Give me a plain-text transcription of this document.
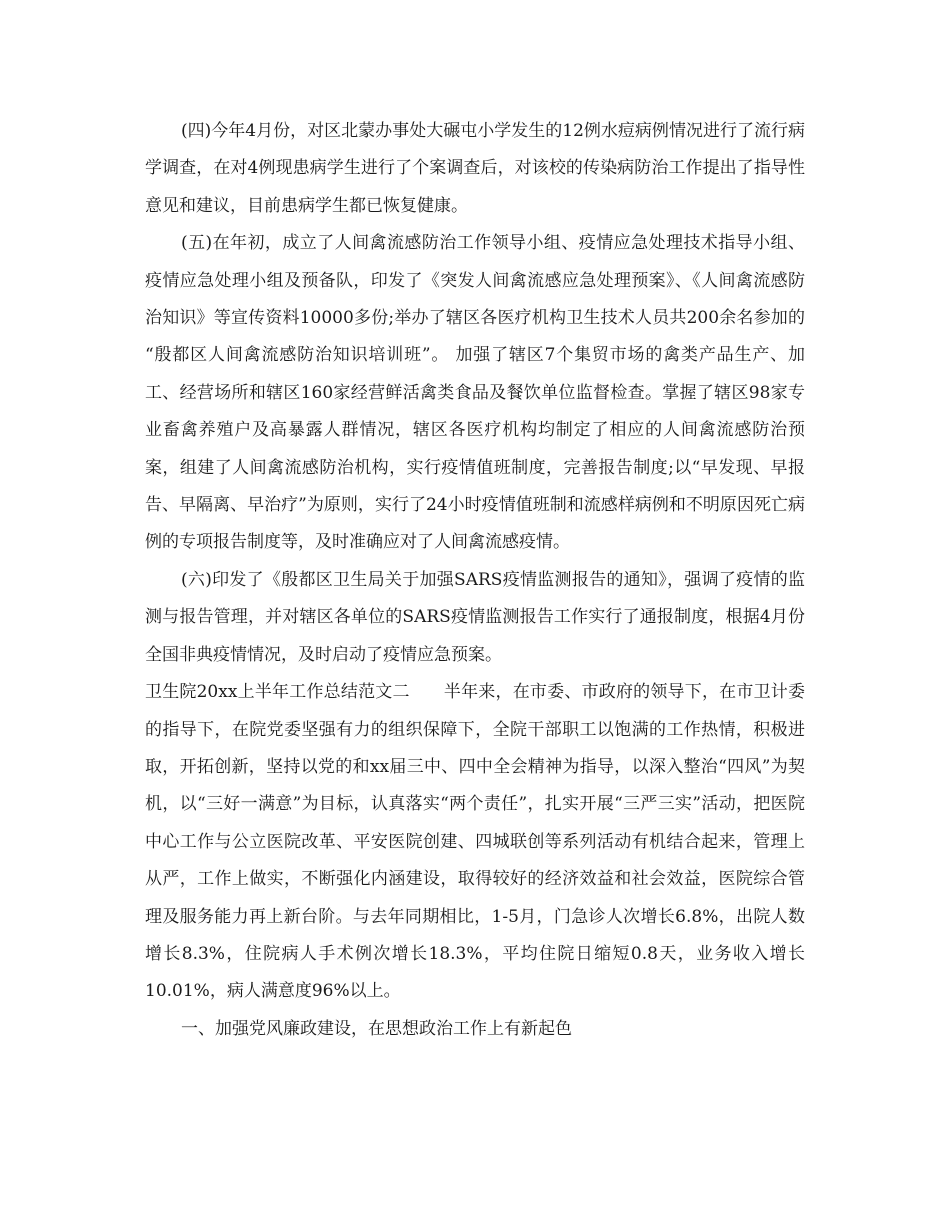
(四)今年4月份，对区北蒙办事处大碾屯小学发生的12例水痘病例情况进行了流行病学调查，在对4例现患病学生进行了个案调查后，对该校的传染病防治工作提出了指导性意见和建议，目前患病学生都已恢复健康。

(五)在年初，成立了人间禽流感防治工作领导小组、疫情应急处理技术指导小组、疫情应急处理小组及预备队，印发了《突发人间禽流感应急处理预案》、《人间禽流感防治知识》等宣传资料10000多份;举办了辖区各医疗机构卫生技术人员共200余名参加的 “殷都区人间禽流感防治知识培训班”。 加强了辖区7个集贸市场的禽类产品生产、加工、经营场所和辖区160家经营鲜活禽类食品及餐饮单位监督检查。掌握了辖区98家专业畜禽养殖户及高暴露人群情况，辖区各医疗机构均制定了相应的人间禽流感防治预案，组建了人间禽流感防治机构，实行疫情值班制度，完善报告制度;以“早发现、早报告、早隔离、早治疗”为原则，实行了24小时疫情值班制和流感样病例和不明原因死亡病例的专项报告制度等，及时准确应对了人间禽流感疫情。

(六)印发了《殷都区卫生局关于加强SARS疫情监测报告的通知》，强调了疫情的监测与报告管理，并对辖区各单位的SARS疫情监测报告工作实行了通报制度，根据4月份全国非典疫情情况，及时启动了疫情应急预案。

卫生院20xx上半年工作总结范文二 半年来，在市委、市政府的领导下，在市卫计委的指导下，在院党委坚强有力的组织保障下，全院干部职工以饱满的工作热情，积极进取，开拓创新，坚持以党的和xx届三中、四中全会精神为指导，以深入整治“四风”为契机，以“三好一满意”为目标，认真落实“两个责任”，扎实开展“三严三实”活动，把医院中心工作与公立医院改革、平安医院创建、四城联创等系列活动有机结合起来，管理上从严，工作上做实，不断强化内涵建设，取得较好的经济效益和社会效益，医院综合管理及服务能力再上新台阶。与去年同期相比，1-5月，门急诊人次增长6.8%，出院人数增长8.3%，住院病人手术例次增长18.3%，平均住院日缩短0.8天，业务收入增长10.01%，病人满意度96%以上。

一、加强党风廉政建设，在思想政治工作上有新起色
